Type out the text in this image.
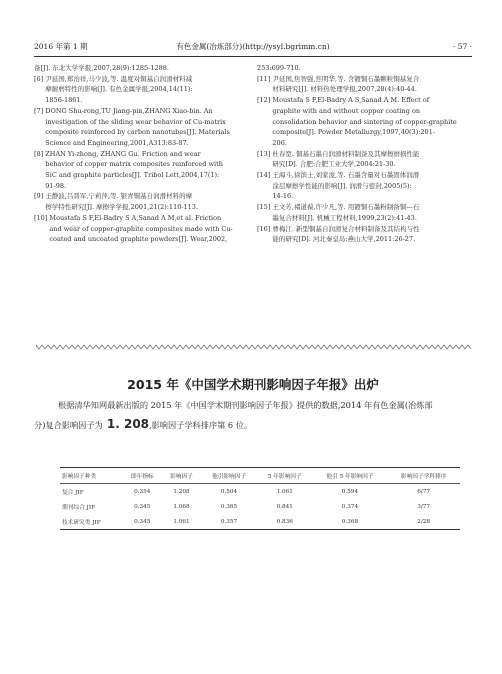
2016 年第 1 期	有色金属(冶炼部分)(http://ysyl.bgrimm.cn)	· 57 ·
备[J]. 东北大学学报,2007,28(9):1285-1288.
[6] 尹延国,郑治祥,马少波,等. 温度对铜基自润滑材料减
摩耐磨特性的影响[J]. 有色金属学报,2004,14(11):
1856-1861.
[7] DONG Shu-rong,TU Jiang-pin,ZHANG Xiao-bin. An
investigation of the sliding wear behavior of Cu-matrix
composite reinforced by carbon nanotubes[J]. Materials
Science and Engineering,2001,A313:83-87.
[8] ZHAN Yi-zhong, ZHANG Gu. Friction and wear
behavior of copper matrix composites reinforced with
SiC and graphite particles[J]. Tribol Lett,2004,17(1):
91-98.
[9] 王静波,吕晋军,宁莉萍,等. 银青铜基自润滑材料的摩
擦学特性研究[J]. 摩擦学学报,2001,21(2):110-113.
[10] Moustafa S F,El-Badry S A,Sanad A M,et al. Friction
and wear of copper-graphite composites made with Cu-
coated and uncoated graphite powders[J]. Wear,2002,
253:699-710.
[11] 尹延国,焦智强,焦明华,等. 含镀铜石墨颗粒铜基复合
材料研究[J]. 材料热处理学报,2007,28(4):40-44.
[12] Moustafa S F,El-Badry A S,Sanad A M. Effect of
graphite with and without copper coating on
consolidation behavior and sintering of copper-graphite
composite[J]. Powder Metallurgy,1997,40(3):201-
206.
[13] 杜春宽. 铜基石墨自润滑材料制备及其摩擦磨损性能
研究[D]. 合肥:合肥工业大学,2004:21-30.
[14] 王海斗,徐滨士,刘家浚,等. 石墨含量对石墨固体润滑
涂层摩擦学性能的影响[J]. 润滑与密封,2005(5):
14-16.
[15] 王文芳,褚道葆,许少凡,等. 用镀铜石墨粉制备铜—石
墨复合材料[J]. 机械工程材料,1999,23(2):41-43.
[16] 曹梅江. 新型铜基自润滑复合材料制备及其结构与性
能的研究[D]. 河北秦皇岛:燕山大学,2011:26-27.
2015 年《中国学术期刊影响因子年报》出炉
根据清华知网最新出版的 2015 年《中国学术期刊影响因子年报》提供的数据,2014 年有色金属(冶炼部
分)复合影响因子为 1. 208,影响因子学科排序第 6 位。
影响因子种类	即年指标	影响因子	他引影响因子	5 年影响因子	他引 5 年影响因子	影响因子学科排序
复合 JIF	0.354	1.208	0.504	1.061	0.594	6/77
期刊综合 JIF	0.345	1.068	0.365	0.841	0.374	3/77
技术研究类 JIF	0.345	1.061	0.357	0.836	0.368	2/28
